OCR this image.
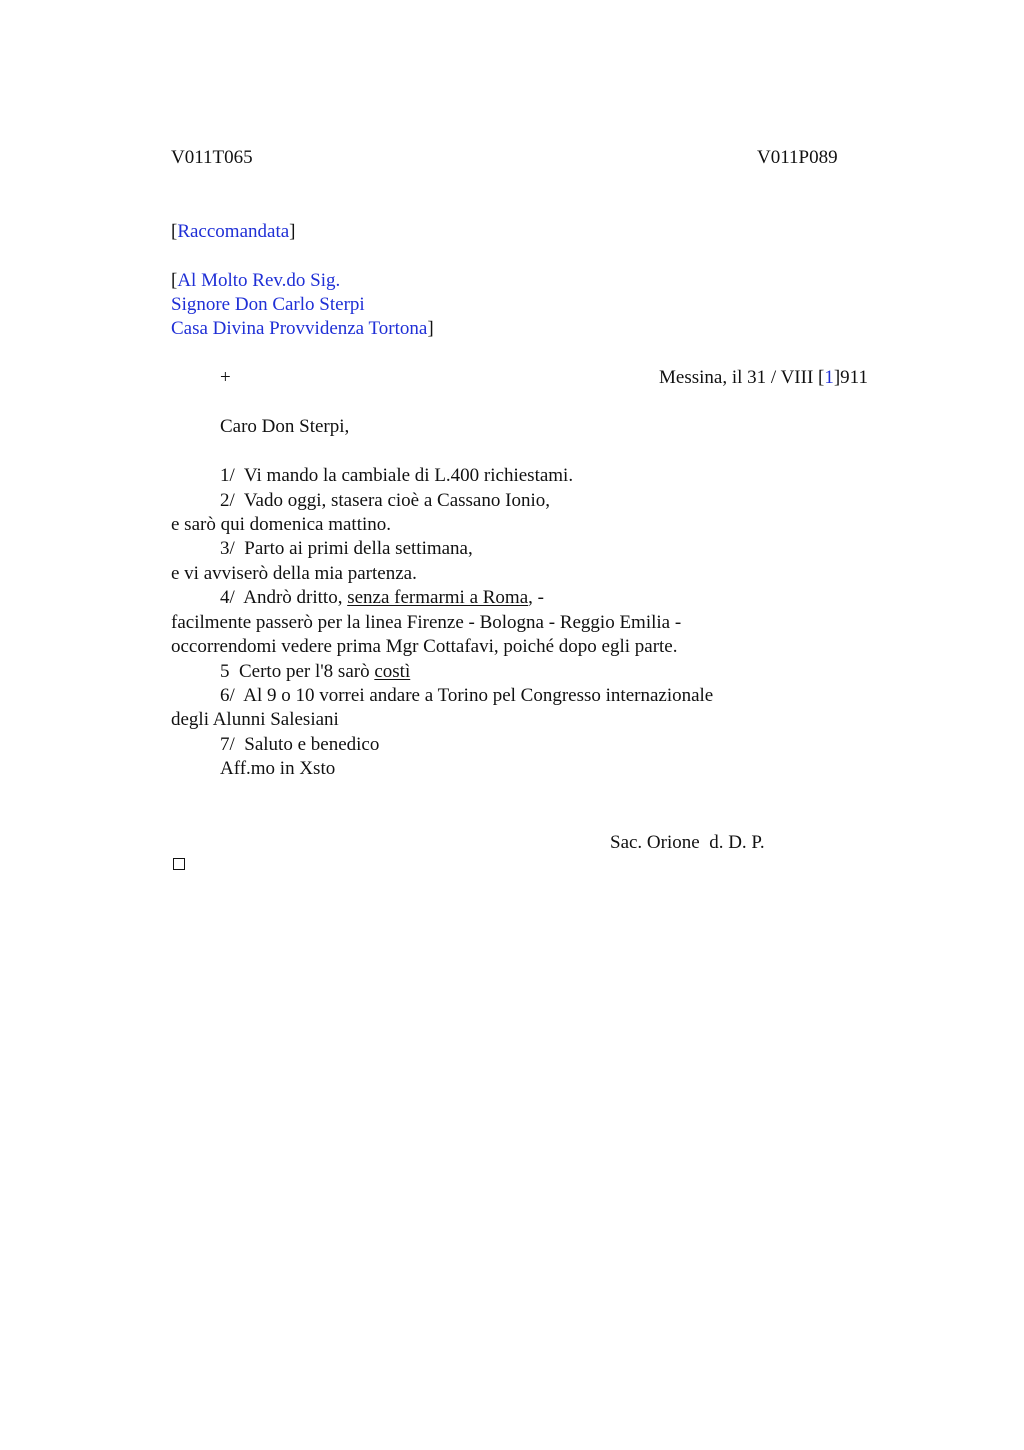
V011T065	V011P089
[Raccomandata]
[Al Molto Rev.do Sig.
Signore Don Carlo Sterpi
Casa Divina Provvidenza Tortona]
+	Messina, il 31 / VIII [1]911
Caro Don Sterpi,
1/  Vi mando la cambiale di L.400 richiestami.
2/  Vado oggi, stasera cioè a Cassano Ionio,
e sarò qui domenica mattino.
3/  Parto ai primi della settimana,
e vi avviserò della mia partenza.
4/  Andrò dritto, senza fermarmi a Roma, -
facilmente passerò per la linea Firenze - Bologna - Reggio Emilia -
occorrendomi vedere prima Mgr Cottafavi, poiché dopo egli parte.
5  Certo per l'8 sarò costì
6/  Al 9 o 10 vorrei andare a Torino pel Congresso internazionale
degli Alunni Salesiani
7/  Saluto e benedico
Aff.mo in Xsto
Sac. Orione  d. D. P.
